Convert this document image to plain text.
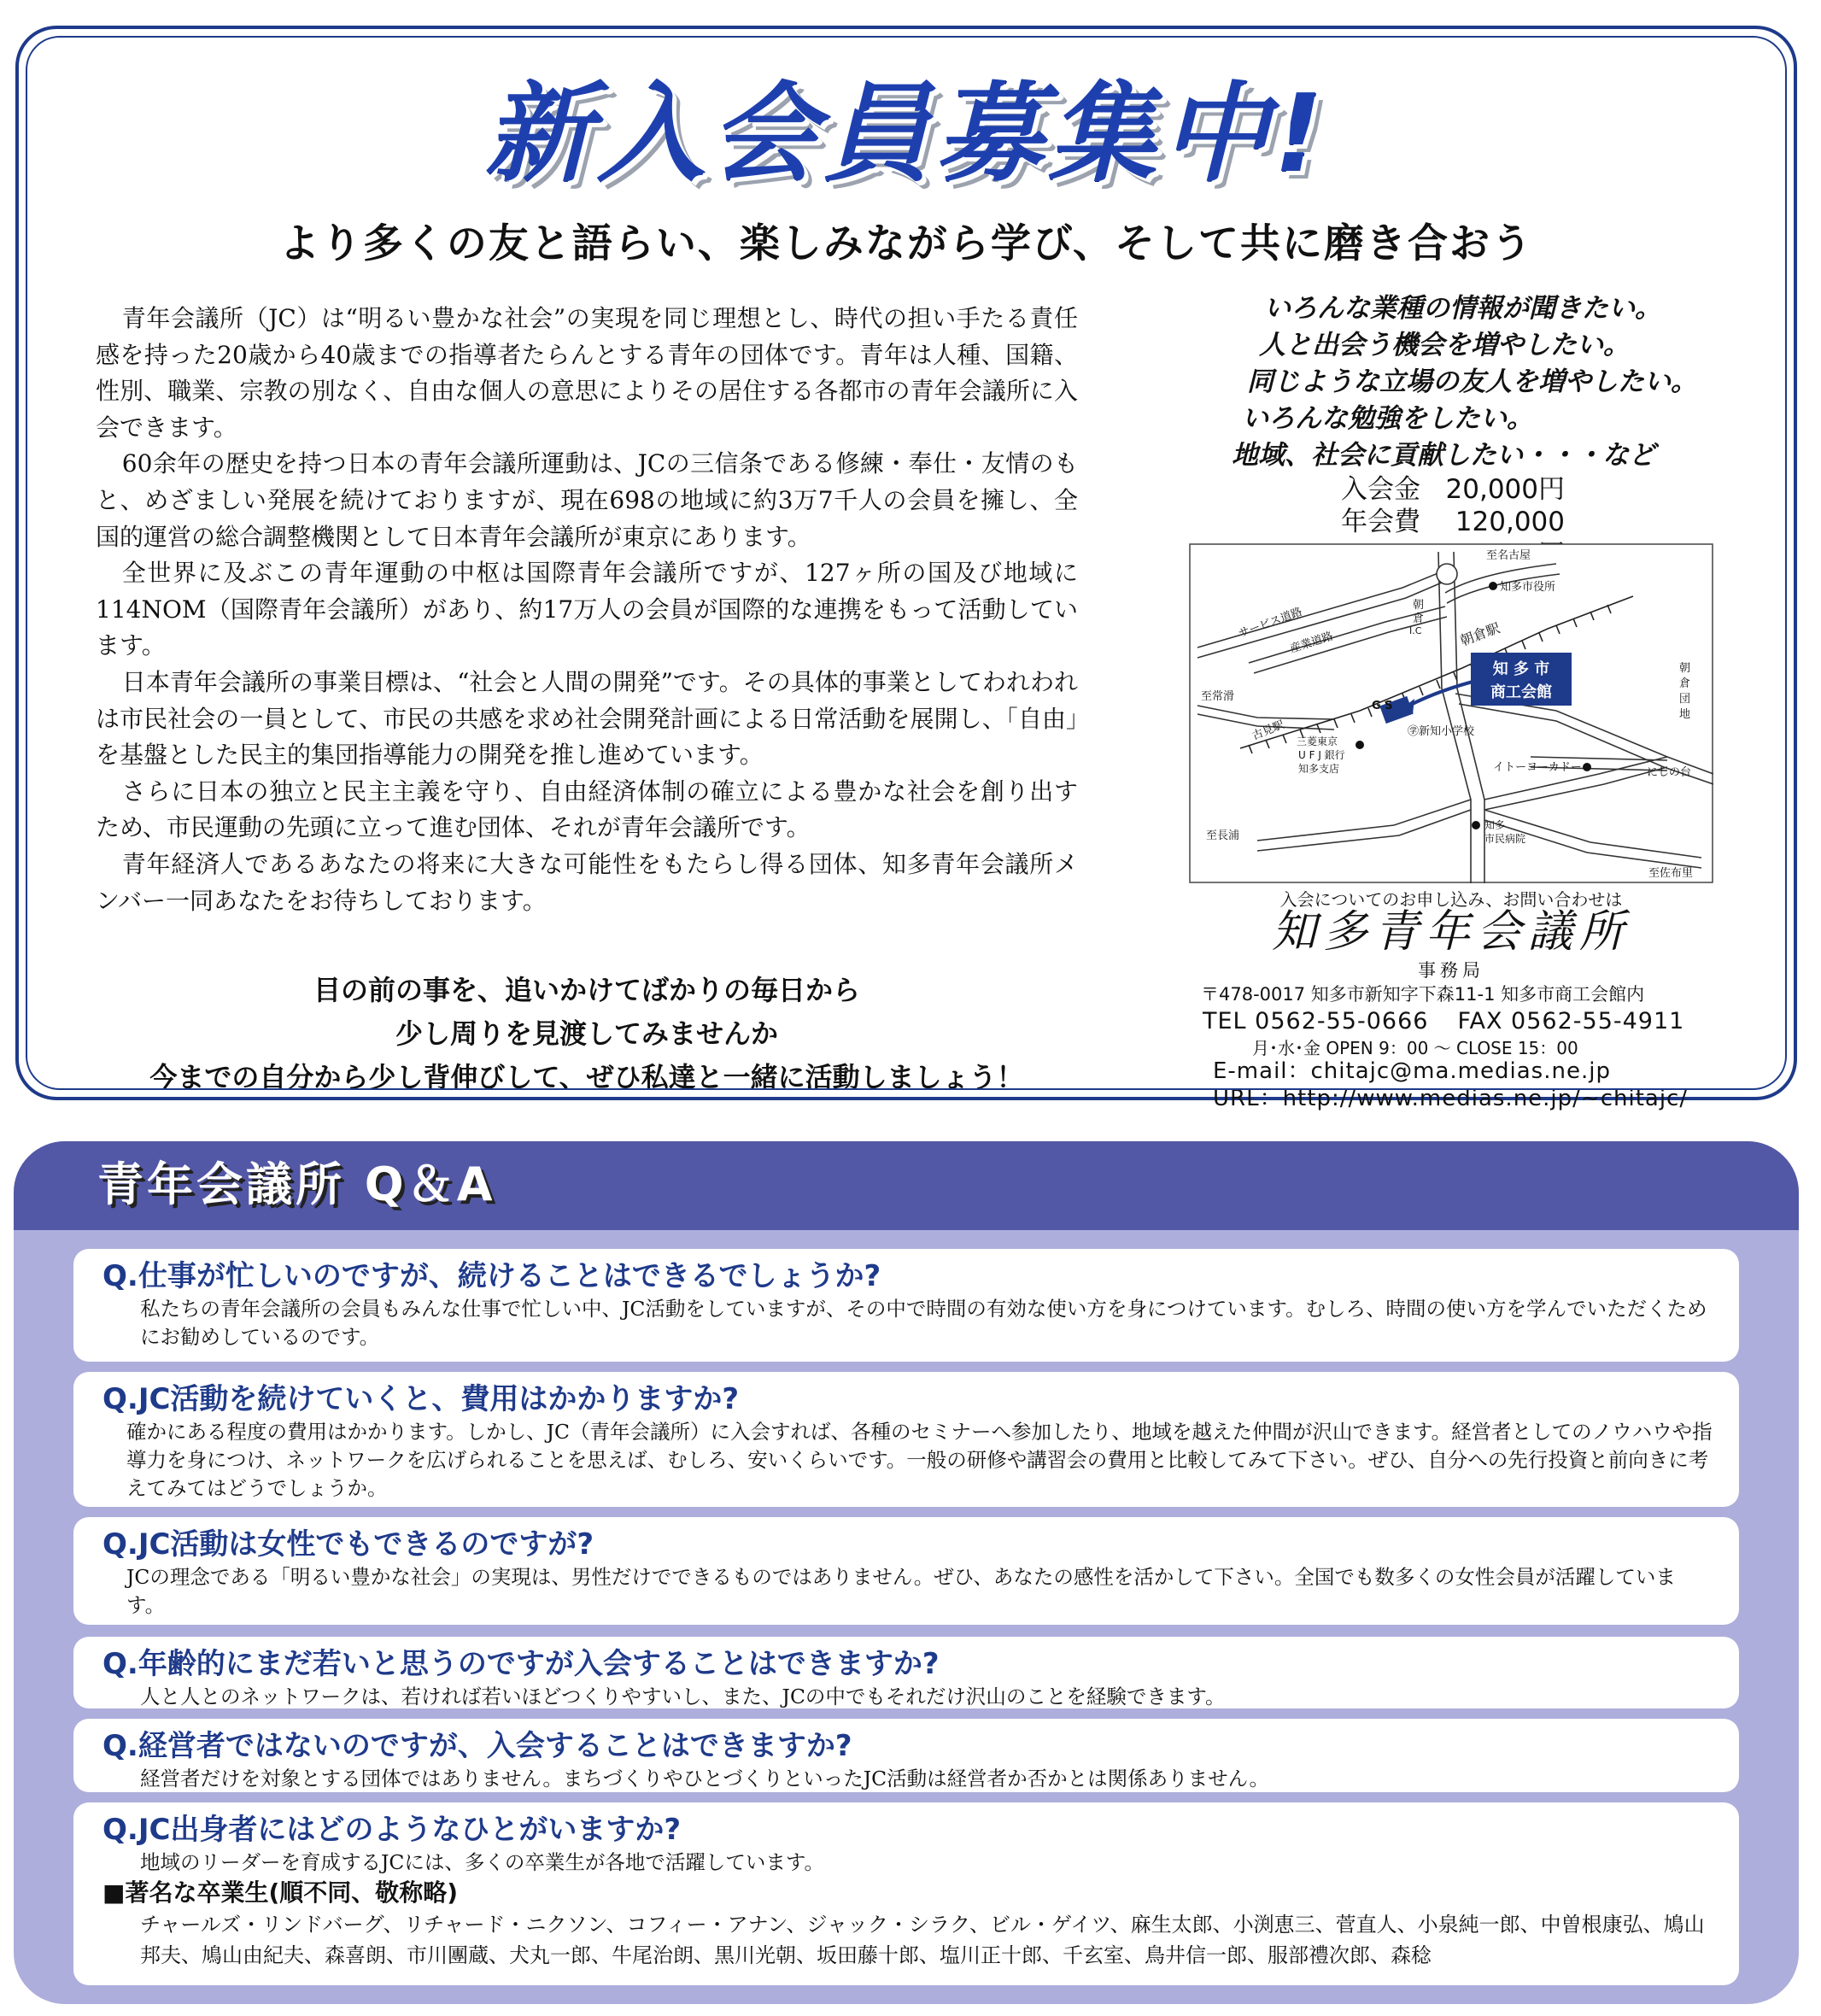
新入会員募集中!
より多くの友と語らい、楽しみながら学び、そして共に磨き合おう

青年会議所（JC）は“明るい豊かな社会”の実現を同じ理想とし、時代の担い手たる責任感を持った20歳から40歳までの指導者たらんとする青年の団体です。青年は人種、国籍、性別、職業、宗教の別なく、自由な個人の意思によりその居住する各都市の青年会議所に入会できます。

60余年の歴史を持つ日本の青年会議所運動は、JCの三信条である修練・奉仕・友情のもと、めざましい発展を続けておりますが、現在698の地域に約3万7千人の会員を擁し、全国的運営の総合調整機関として日本青年会議所が東京にあります。

全世界に及ぶこの青年運動の中枢は国際青年会議所ですが、127ヶ所の国及び地域に114NOM（国際青年会議所）があり、約17万人の会員が国際的な連携をもって活動しています。

日本青年会議所の事業目標は、“社会と人間の開発”です。その具体的事業としてわれわれは市民社会の一員として、市民の共感を求め社会開発計画による日常活動を展開し、「自由」を基盤とした民主的集団指導能力の開発を推し進めています。

さらに日本の独立と民主主義を守り、自由経済体制の確立による豊かな社会を創り出すため、市民運動の先頭に立って進む団体、それが青年会議所です。

青年経済人であるあなたの将来に大きな可能性をもたらし得る団体、知多青年会議所メンバー一同あなたをお待ちしております。

目の前の事を、追いかけてばかりの毎日から
少し周りを見渡してみませんか
今までの自分から少し背伸びして、ぜひ私達と一緒に活動しましょう！
いろんな業種の情報が聞きたい。
人と出会う機会を増やしたい。
同じような立場の友人を増やしたい。
いろんな勉強をしたい。
地域、社会に貢献したい・・・など
入会金 20,000円
年会費	120,000
知 多 市
商工会館
至名古屋
知多市役所
サービス道路
産業道路
朝
倉
I.C	朝倉駅
朝
倉
団
地
至常滑
G S
古見駅 三菱東京
U F J 銀行
知多支店
㊫新知小学校
イトーヨーカドー	にしの台
至長浦
知多
市民病院
至佐布里
入会についてのお申し込み、お問い合わせは
知多青年会議所
事務局
〒478-0017 知多市新知字下森11-1 知多市商工会館内
TEL 0562-55-0666 FAX 0562-55-4911
月･水･金 OPEN 9：00 ～ CLOSE 15：00
E-mail：chitajc@ma.medias.ne.jp
URL：http://www.medias.ne.jp/~chitajc/
青年会議所 Q＆A
Q.仕事が忙しいのですが、続けることはできるでしょうか?
私たちの青年会議所の会員もみんな仕事で忙しい中、JC活動をしていますが、その中で時間の有効な使い方を身につけています。むしろ、時間の使い方を学んでいただくためにお勧めしているのです。
Q.JC活動を続けていくと、費用はかかりますか?
確かにある程度の費用はかかります。しかし、JC（青年会議所）に入会すれば、各種のセミナーへ参加したり、地域を越えた仲間が沢山できます。経営者としてのノウハウや指導力を身につけ、ネットワークを広げられることを思えば、むしろ、安いくらいです。一般の研修や講習会の費用と比較してみて下さい。ぜひ、自分への先行投資と前向きに考えてみてはどうでしょうか。
Q.JC活動は女性でもできるのですが?
JCの理念である「明るい豊かな社会」の実現は、男性だけでできるものではありません。ぜひ、あなたの感性を活かして下さい。全国でも数多くの女性会員が活躍しています。
Q.年齢的にまだ若いと思うのですが入会することはできますか?
人と人とのネットワークは、若ければ若いほどつくりやすいし、また、JCの中でもそれだけ沢山のことを経験できます。
Q.経営者ではないのですが、入会することはできますか?
経営者だけを対象とする団体ではありません。まちづくりやひとづくりといったJC活動は経営者か否かとは関係ありません。
Q.JC出身者にはどのようなひとがいますか?
地域のリーダーを育成するJCには、多くの卒業生が各地で活躍しています。
■著名な卒業生(順不同、敬称略)
チャールズ・リンドバーグ、リチャード・ニクソン、コフィー・アナン、ジャック・シラク、ビル・ゲイツ、麻生太郎、小渕恵三、菅直人、小泉純一郎、中曽根康弘、鳩山邦夫、鳩山由紀夫、森喜朗、市川團蔵、犬丸一郎、牛尾治朗、黒川光朝、坂田藤十郎、塩川正十郎、千玄室、鳥井信一郎、服部禮次郎、森稔
